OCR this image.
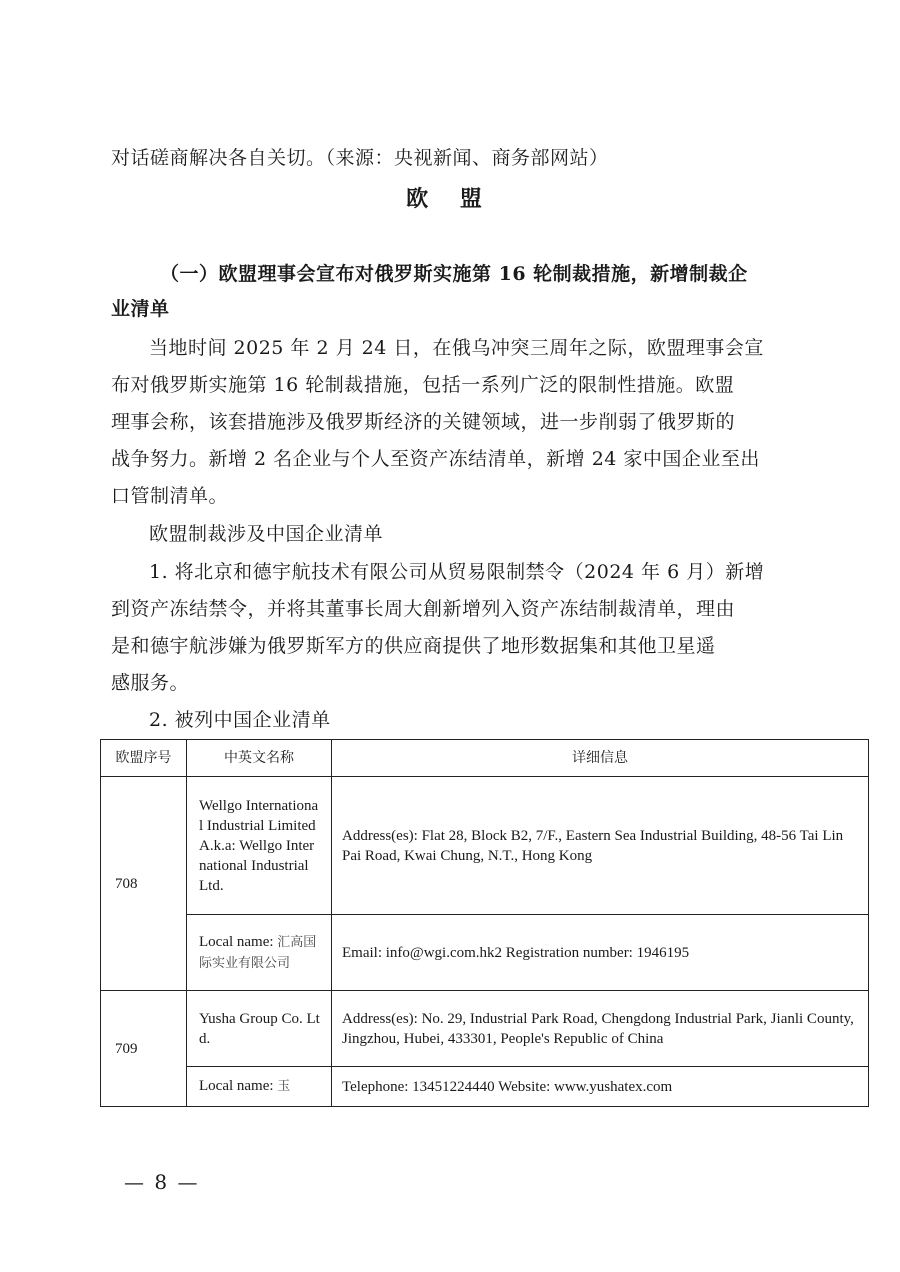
对话磋商解决各自关切。（来源：央视新闻、商务部网站）
欧 盟
（一）欧盟理事会宣布对俄罗斯实施第 16 轮制裁措施，新增制裁企
业清单
当地时间 2025 年 2 月 24 日，在俄乌冲突三周年之际，欧盟理事会宣
布对俄罗斯实施第 16 轮制裁措施，包括一系列广泛的限制性措施。欧盟
理事会称，该套措施涉及俄罗斯经济的关键领域，进一步削弱了俄罗斯的
战争努力。新增 2 名企业与个人至资产冻结清单，新增 24 家中国企业至出
口管制清单。
欧盟制裁涉及中国企业清单
1. 将北京和德宇航技术有限公司从贸易限制禁令（2024 年 6 月）新增
到资产冻结禁令，并将其董事长周大創新增列入资产冻结制裁清单，理由
是和德宇航涉嫌为俄罗斯军方的供应商提供了地形数据集和其他卫星遥
感服务。
2. 被列中国企业清单
欧盟序号	中英文名称	详细信息
708	Wellgo International Industrial Limited A.k.a: Wellgo International Industrial Ltd.	Address(es): Flat 28, Block B2, 7/F., Eastern Sea Industrial Building, 48-56 Tai Lin Pai Road, Kwai Chung, N.T., Hong Kong
	Local name: 汇高国际实业有限公司	Email: info@wgi.com.hk2 Registration number: 1946195
709	Yusha Group Co. Ltd.	Address(es): No. 29, Industrial Park Road, Chengdong Industrial Park, Jianli County, Jingzhou, Hubei, 433301, People's Republic of China
	Local name: 玉	Telephone: 13451224440 Website: www.yushatex.com
— 8 —
